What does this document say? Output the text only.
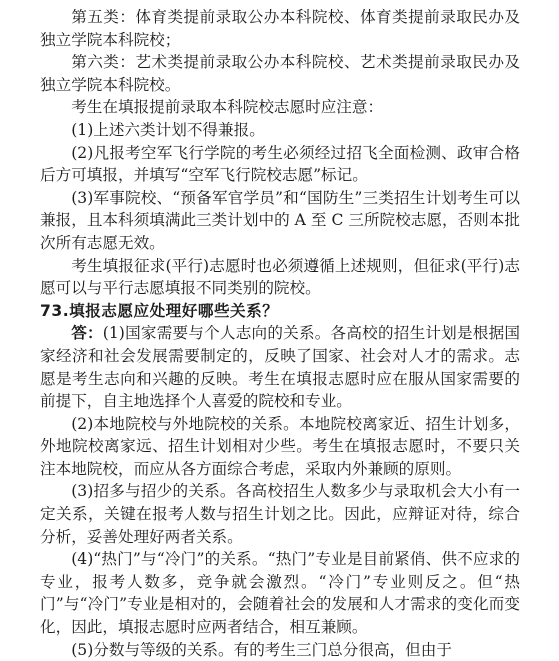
第五类：体育类提前录取公办本科院校、体育类提前录取民办及独立学院本科院校；

第六类：艺术类提前录取公办本科院校、艺术类提前录取民办及独立学院本科院校。

考生在填报提前录取本科院校志愿时应注意：

(1)上述六类计划不得兼报。

(2)凡报考空军飞行学院的考生必须经过招飞全面检测、政审合格后方可填报，并填写“空军飞行院校志愿”标记。

(3)军事院校、“预备军官学员”和“国防生”三类招生计划考生可以兼报，且本科须填满此三类计划中的 A 至 C 三所院校志愿，否则本批次所有志愿无效。

考生填报征求(平行)志愿时也必须遵循上述规则，但征求(平行)志愿可以与平行志愿填报不同类别的院校。

73.填报志愿应处理好哪些关系？

答：(1)国家需要与个人志向的关系。各高校的招生计划是根据国家经济和社会发展需要制定的，反映了国家、社会对人才的需求。志愿是考生志向和兴趣的反映。考生在填报志愿时应在服从国家需要的前提下，自主地选择个人喜爱的院校和专业。

(2)本地院校与外地院校的关系。本地院校离家近、招生计划多，外地院校离家远、招生计划相对少些。考生在填报志愿时，不要只关注本地院校，而应从各方面综合考虑，采取内外兼顾的原则。

(3)招多与招少的关系。各高校招生人数多少与录取机会大小有一定关系，关键在报考人数与招生计划之比。因此，应辩证对待，综合分析，妥善处理好两者关系。

(4)“热门”与“冷门”的关系。“热门”专业是目前紧俏、供不应求的专业，报考人数多，竞争就会激烈。“冷门”专业则反之。但“热门”与“冷门”专业是相对的，会随着社会的发展和人才需求的变化而变化，因此，填报志愿时应两者结合，相互兼顾。

(5)分数与等级的关系。有的考生三门总分很高，但由于
